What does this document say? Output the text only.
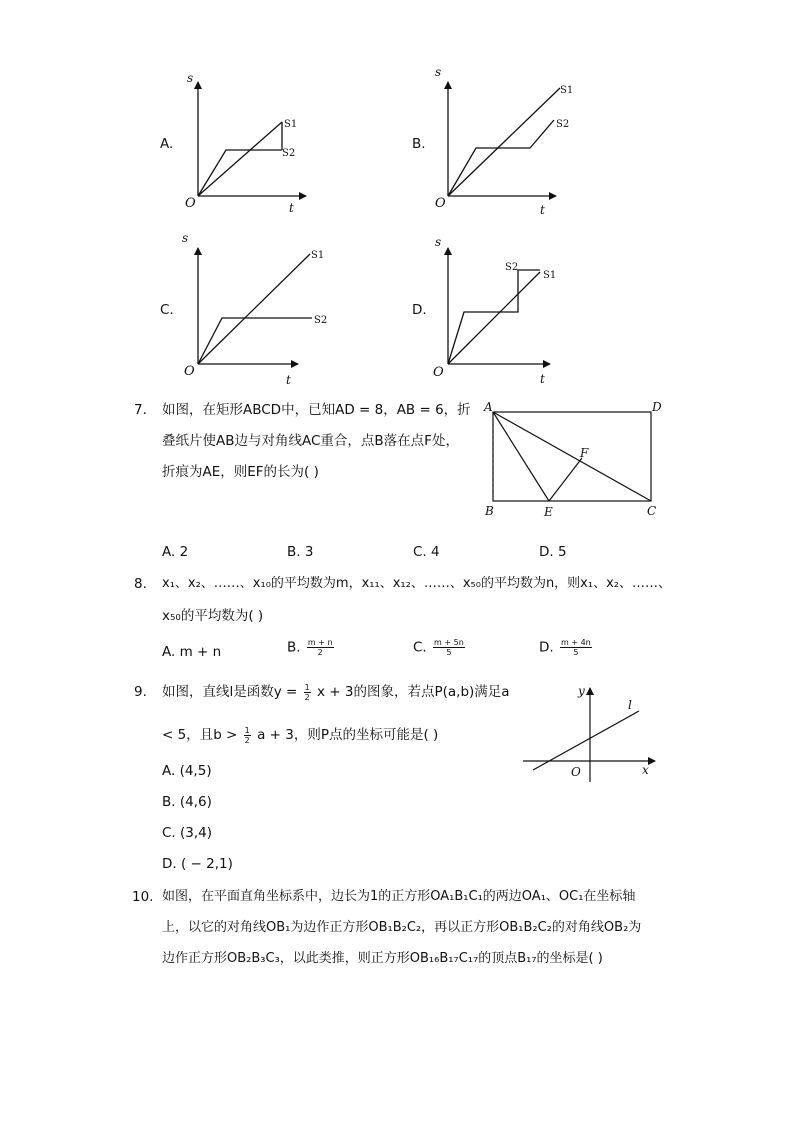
A.	B.
C.	D.
s
O	t
s
O	t
s
O
t
s
O	t
S1
S2
S1
S2
S1
S2
S2
S1
7. 如图，在矩形ABCD中，已知AD = 8，AB = 6，折
叠纸片使AB边与对角线AC重合，点B落在点F处，
折痕为AE，则EF的长为( )
A	D
B	E	C
F
A. 2	B. 3	C. 4	D. 5
8. x₁、x₂、……、x₁₀的平均数为m，x₁₁、x₁₂、……、x₅₀的平均数为n，则x₁、x₂、……、
x₅₀的平均数为( )
A. m + n	B. $\frac{m + n}{2}$	C. $\frac{m + 5n}{5}$	D. $\frac{m + 4n}{5}$
9. 如图，直线l是函数$y = \frac{1}{2}$ x + 3的图象，若点P(a,b)满足a
< 5，且$b > \frac{1}{2}$ a + 3，则P点的坐标可能是( )
y
x
O
l
A. (4,5)
B. (4,6)
C. (3,4)
D. ( − 2,1)
10. 如图，在平面直角坐标系中，边长为1的正方形OA₁B₁C₁的两边OA₁、OC₁在坐标轴
上，以它的对角线OB₁为边作正方形OB₁B₂C₂，再以正方形OB₁B₂C₂的对角线OB₂为
边作正方形OB₂B₃C₃，以此类推，则正方形OB₁₆B₁₇C₁₇的顶点B₁₇的坐标是( )
